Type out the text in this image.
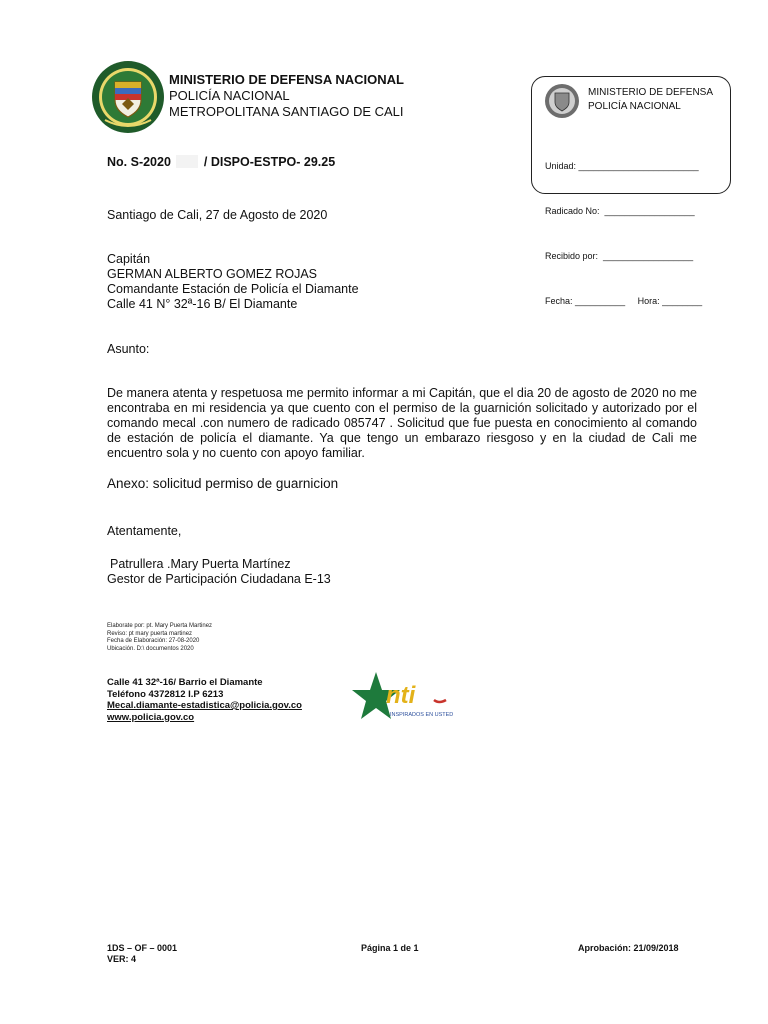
MINISTERIO DE DEFENSA NACIONAL
POLICÍA NACIONAL
METROPOLITANA SANTIAGO DE CALI
MINISTERIO DE DEFENSA
POLICÍA NACIONAL

Unidad: ________________________

Radicado No:  __________________

Recibido por:  __________________

Fecha: __________     Hora: ________

No. S-2020	/ DISPO-ESTPO- 29.25
Santiago de Cali, 27 de Agosto de 2020
Capitán
GERMAN ALBERTO GOMEZ ROJAS
Comandante Estación de Policía el Diamante
Calle 41 N° 32ª-16 B/ El Diamante
Asunto:
De manera atenta y respetuosa me permito informar a mi Capitán, que el dia 20 de agosto de 2020 no me encontraba en mi residencia ya que cuento con el permiso de la guarnición solicitado y autorizado por el comando mecal .con numero de radicado 085747 . Solicitud que fue puesta en conocimiento al comando de estación de policía el diamante. Ya que tengo un embarazo riesgoso y en la ciudad de Cali me encuentro sola y no cuento con apoyo familiar.
Anexo: solicitud permiso de guarnicion
Atentamente,
Patrullera .Mary Puerta Martínez
Gestor de Participación Ciudadana E-13
Elaborate por: pt. Mary Puerta Martinez
Reviso: pt mary puerta martinez
Fecha de Elaboración: 27-08-2020
Ubicación. D:\ documentos 2020
Calle 41 32ª-16/ Barrio el Diamante
Teléfono 4372812 I.P 6213
Mecal.diamante-estadistica@policia.gov.co
www.policia.gov.co
nti
INSPIRADOS EN USTED
1DS – OF – 0001
VER: 4
Página 1 de 1	Aprobación: 21/09/2018
